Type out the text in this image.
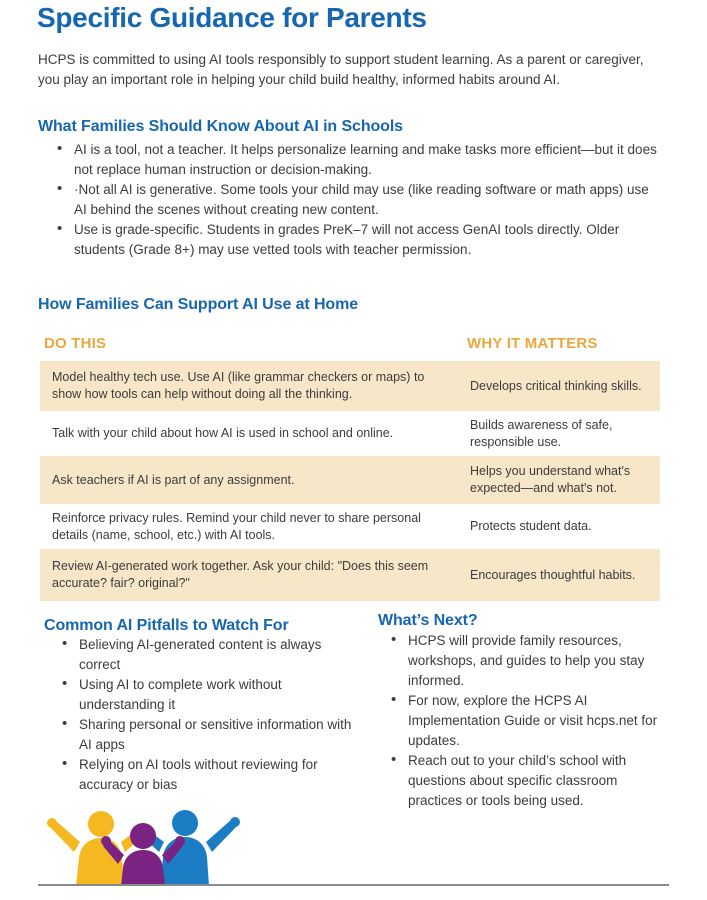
Specific Guidance for Parents
HCPS is committed to using AI tools responsibly to support student learning. As a parent or caregiver, you play an important role in helping your child build healthy, informed habits around AI.
What Families Should Know About AI in Schools
• AI is a tool, not a teacher. It helps personalize learning and make tasks more efficient—but it does not replace human instruction or decision-making.
• ·Not all AI is generative. Some tools your child may use (like reading software or math apps) use AI behind the scenes without creating new content.
• Use is grade-specific. Students in grades PreK–7 will not access GenAI tools directly. Older students (Grade 8+) may use vetted tools with teacher permission.
How Families Can Support AI Use at Home
DO THIS	WHY IT MATTERS
Model healthy tech use. Use AI (like grammar checkers or maps) to show how tools can help without doing all the thinking.
Develops critical thinking skills.
Talk with your child about how AI is used in school and online.
Builds awareness of safe, responsible use.
Ask teachers if AI is part of any assignment.
Helps you understand what's expected—and what's not.
Reinforce privacy rules. Remind your child never to share personal details (name, school, etc.) with AI tools.
Protects student data.
Review AI-generated work together. Ask your child: "Does this seem accurate? fair? original?"
Encourages thoughtful habits.
Common AI Pitfalls to Watch For
• Believing AI-generated content is always correct
• Using AI to complete work without understanding it
• Sharing personal or sensitive information with AI apps
• Relying on AI tools without reviewing for accuracy or bias
What’s Next?
• HCPS will provide family resources, workshops, and guides to help you stay informed.
• For now, explore the HCPS AI Implementation Guide or visit hcps.net for updates.
• Reach out to your child’s school with questions about specific classroom practices or tools being used.
